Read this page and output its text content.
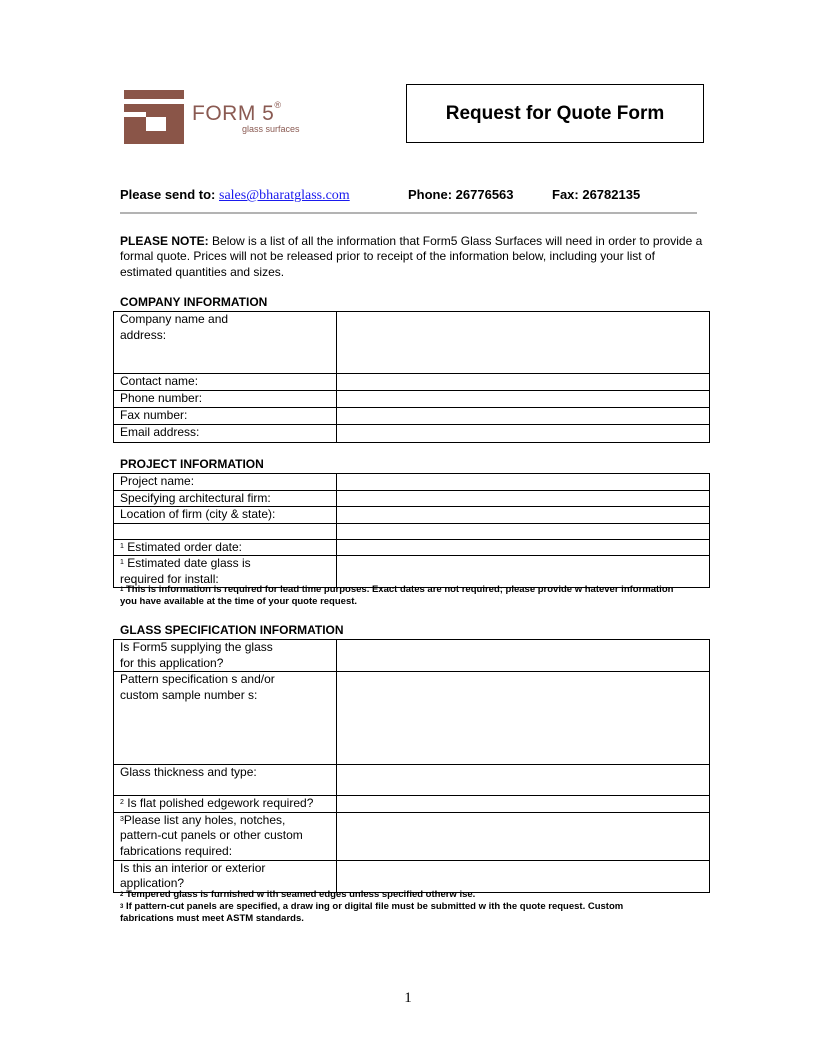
FORM 5®
glass surfaces
Request for Quote Form
Please send to: sales@bharatglass.com	Phone: 26776563	Fax: 26782135
PLEASE NOTE: Below is a list of all the information that Form5 Glass Surfaces will need in order to provide a formal quote. Prices will not be released prior to receipt of the information below, including your list of estimated quantities and sizes.
COMPANY INFORMATION
Company name and address:	

Contact name:	
Phone number:	
Fax number:	
Email address:	
PROJECT INFORMATION
Project name:	
Specifying architectural firm:	
Location of firm (city & state):	

$^1$ Estimated order date:	

$^1$ Estimated date glass is required for install:	

$^1$ This is information is required for lead time purposes. Exact dates are not required; please provide w hatever information
you have available at the time of your quote request.
GLASS SPECIFICATION INFORMATION
Is Form5 supplying the glass for this application?	

Pattern specification s and/or custom sample number s:	

Glass thickness and type:	
$^2$ Is flat polished edgework required?	

$^3$Please list any holes, notches, pattern-cut panels or other custom fabrications required:	

Is this an interior or exterior application?	

$^2$ Tempered glass is furnished w ith seamed edges unless specified otherw ise.
$^3$ If pattern-cut panels are specified, a draw ing or digital file must be submitted w ith the quote request. Custom
fabrications must meet ASTM standards.
1
